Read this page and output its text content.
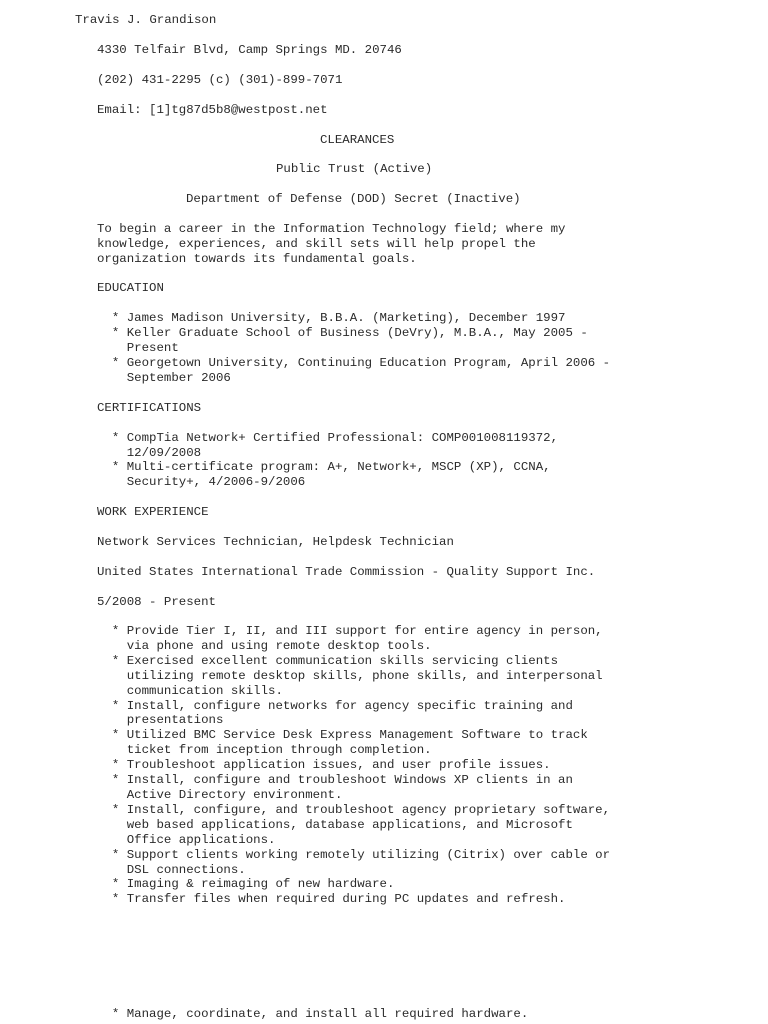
Travis J. Grandison
4330 Telfair Blvd, Camp Springs MD. 20746
(202) 431-2295 (c) (301)-899-7071
Email: [1]tg87d5b8@westpost.net
CLEARANCES
Public Trust (Active)
Department of Defense (DOD) Secret (Inactive)
To begin a career in the Information Technology field; where my
knowledge, experiences, and skill sets will help propel the
organization towards its fundamental goals.
EDUCATION
* James Madison University, B.B.A. (Marketing), December 1997
* Keller Graduate School of Business (DeVry), M.B.A., May 2005 -
Present
* Georgetown University, Continuing Education Program, April 2006 -
September 2006
CERTIFICATIONS
* CompTia Network+ Certified Professional: COMP001008119372,
12/09/2008
* Multi-certificate program: A+, Network+, MSCP (XP), CCNA,
Security+, 4/2006-9/2006
WORK EXPERIENCE
Network Services Technician, Helpdesk Technician
United States International Trade Commission - Quality Support Inc.
5/2008 - Present
* Provide Tier I, II, and III support for entire agency in person,
via phone and using remote desktop tools.
* Exercised excellent communication skills servicing clients
utilizing remote desktop skills, phone skills, and interpersonal
communication skills.
* Install, configure networks for agency specific training and
presentations
* Utilized BMC Service Desk Express Management Software to track
ticket from inception through completion.
* Troubleshoot application issues, and user profile issues.
* Install, configure and troubleshoot Windows XP clients in an
Active Directory environment.
* Install, configure, and troubleshoot agency proprietary software,
web based applications, database applications, and Microsoft
Office applications.
* Support clients working remotely utilizing (Citrix) over cable or
DSL connections.
* Imaging & reimaging of new hardware.
* Transfer files when required during PC updates and refresh.
* Manage, coordinate, and install all required hardware.
